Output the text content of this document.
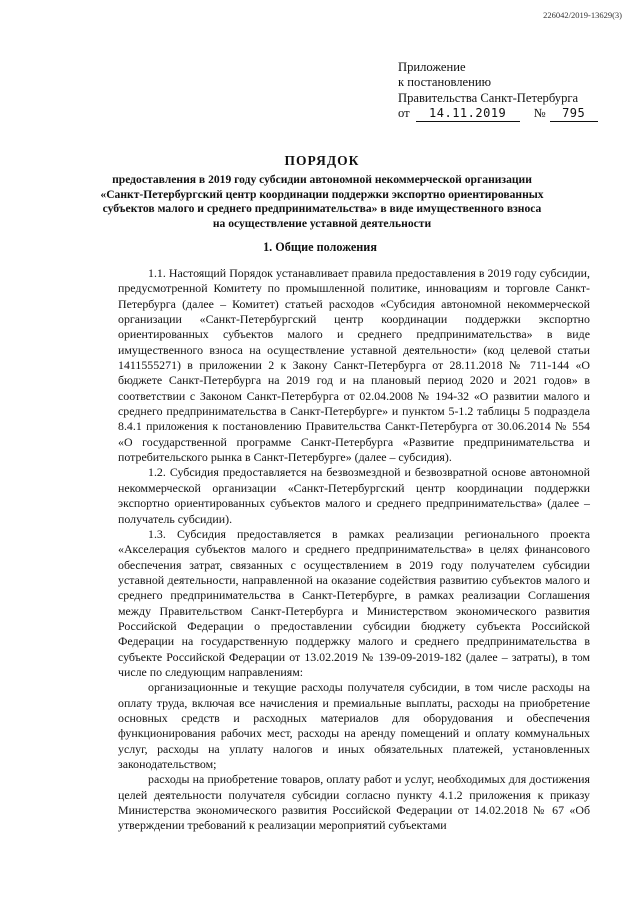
226042/2019-13629(3)
Приложение
к постановлению
Правительства Санкт-Петербурга
от	14.11.2019	№	795
ПОРЯДОК
предоставления в 2019 году субсидии автономной некоммерческой организации
«Санкт-Петербургский центр координации поддержки экспортно ориентированных
субъектов малого и среднего предпринимательства» в виде имущественного взноса
на осуществление уставной деятельности
1. Общие положения

1.1. Настоящий Порядок устанавливает правила предоставления в 2019 году субсидии, предусмотренной Комитету по промышленной политике, инновациям и торговле Санкт-Петербурга (далее – Комитет) статьей расходов «Субсидия автономной некоммерческой организации «Санкт-Петербургский центр координации поддержки экспортно ориентированных субъектов малого и среднего предпринимательства» в виде имущественного взноса на осуществление уставной деятельности» (код целевой статьи 1411555271) в приложении 2 к Закону Санкт-Петербурга от 28.11.2018 № 711-144 «О бюджете Санкт-Петербурга на 2019 год и на плановый период 2020 и 2021 годов» в соответствии с Законом Санкт-Петербурга от 02.04.2008 № 194-32 «О развитии малого и среднего предпринимательства в Санкт-Петербурге» и пунктом 5-1.2 таблицы 5 подраздела 8.4.1 приложения к постановлению Правительства Санкт-Петербурга от 30.06.2014 № 554 «О государственной программе Санкт-Петербурга «Развитие предпринимательства и потребительского рынка в Санкт-Петербурге» (далее – субсидия).

1.2. Субсидия предоставляется на безвозмездной и безвозвратной основе автономной некоммерческой организации «Санкт-Петербургский центр координации поддержки экспортно ориентированных субъектов малого и среднего предпринимательства» (далее – получатель субсидии).

1.3. Субсидия предоставляется в рамках реализации регионального проекта «Акселерация субъектов малого и среднего предпринимательства» в целях финансового обеспечения затрат, связанных с осуществлением в 2019 году получателем субсидии уставной деятельности, направленной на оказание содействия развитию субъектов малого и среднего предпринимательства в Санкт-Петербурге, в рамках реализации Соглашения между Правительством Санкт-Петербурга и Министерством экономического развития Российской Федерации о предоставлении субсидии бюджету субъекта Российской Федерации на государственную поддержку малого и среднего предпринимательства в субъекте Российской Федерации от 13.02.2019 № 139-09-2019-182 (далее – затраты), в том числе по следующим направлениям:

организационные и текущие расходы получателя субсидии, в том числе расходы на оплату труда, включая все начисления и премиальные выплаты, расходы на приобретение основных средств и расходных материалов для оборудования и обеспечения функционирования рабочих мест, расходы на аренду помещений и оплату коммунальных услуг, расходы на уплату налогов и иных обязательных платежей, установленных законодательством;

расходы на приобретение товаров, оплату работ и услуг, необходимых для достижения целей деятельности получателя субсидии согласно пункту 4.1.2 приложения к приказу Министерства экономического развития Российской Федерации от 14.02.2018 № 67 «Об утверждении требований к реализации мероприятий субъектами
